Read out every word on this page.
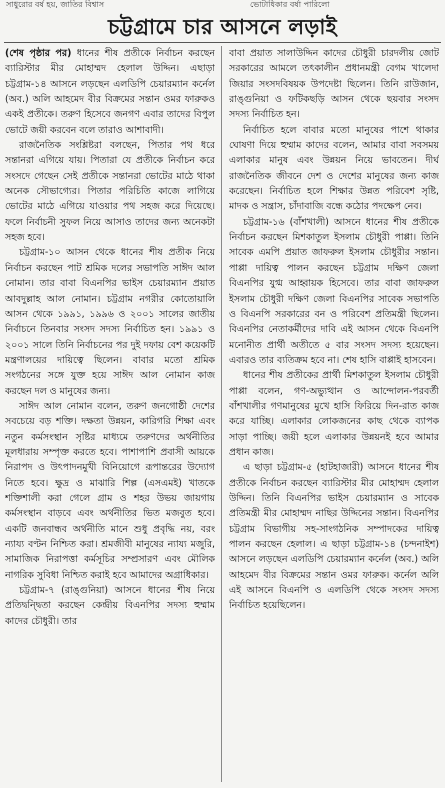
সাধুরোর বর্ষ হয়, জাতির বিশ্বাস	ভোটাধিকার বর্ষা পারিলো
চট্টগ্রামে চার আসনে লড়াই

(শেষ পৃষ্ঠার পর) ধানের শীষ প্রতীকে নির্বাচন করছেন ব্যারিস্টার মীর মোহাম্মদ হেলাল উদ্দিন। এছাড়া চট্টগ্রাম-১৪ আসনে লড়ছেন এলডিপি চেয়ারম্যান কর্নেল (অব.) অলি আহমেদ বীর বিক্রমের সন্তান ওমর ফারুকও একই প্রতীকে। তরুণ হিসেবে জনগণ এবার তাদের বিপুল ভোটে জয়ী করবেন বলে তারাও আশাবাদী।

রাজনৈতিক সংশ্লিষ্টরা বলছেন, পিতার পথ ধরে সন্তানরা এগিয়ে যায়। পিতারা যে প্রতীকে নির্বাচন করে সংসদে গেছেন সেই প্রতীকে সন্তানরা ভোটের মাঠে থাকা অনেক সৌভাগ্যের। পিতার পরিচিতি কাজে লাগিয়ে ভোটের মাঠে এগিয়ে যাওয়ার পথ সহজ করে দিয়েছে। ফলে নির্বাচনী সুফল নিয়ে আসাও তাদের জন্য অনেকটা সহজ হবে।

চট্টগ্রাম-১০ আসন থেকে ধানের শীষ প্রতীক নিয়ে নির্বাচন করছেন পাট শ্রমিক দলের সভাপতি সাঈদ আল নোমান। তার বাবা বিএনপির ভাইস চেয়ারম্যান প্রয়াত আবদুল্লাহ আল নোমান। চট্টগ্রাম নগরীর কোতোয়ালি আসন থেকে ১৯৯১, ১৯৯৬ ও ২০০১ সালের জাতীয় নির্বাচনে তিনবার সংসদ সদস্য নির্বাচিত হন। ১৯৯১ ও ২০০১ সালে তিনি নির্বাচনের পর দুই দফায় বেশ কয়েকটি মন্ত্রণালয়ের দায়িত্বে ছিলেন। বাবার মতো শ্রমিক সংগঠনের সঙ্গে যুক্ত হয়ে সাঈদ আল নোমান কাজ করছেন দল ও মানুষের জন্য।

সাঈদ আল নোমান বলেন, তরুণ জনগোষ্ঠী দেশের সবচেয়ে বড় শক্তি। দক্ষতা উন্নয়ন, কারিগরি শিক্ষা এবং নতুন কর্মসংস্থান সৃষ্টির মাধ্যমে তরুণদের অর্থনীতির মূলধারায় সম্পৃক্ত করতে হবে। পাশাপাশি প্রবাসী আয়কে নিরাপদ ও উৎপাদনমুখী বিনিয়োগে রূপান্তরের উদ্যোগ নিতে হবে। ক্ষুদ্র ও মাঝারি শিল্প (এসএমই) খাতকে শক্তিশালী করা গেলে গ্রাম ও শহর উভয় জায়গায় কর্মসংস্থান বাড়বে এবং অর্থনীতির ভিত মজবুত হবে। একটি জনবান্ধব অর্থনীতি মানে শুধু প্রবৃদ্ধি নয়, বরং ন্যায্য বণ্টন নিশ্চিত করা। শ্রমজীবী মানুষের ন্যায্য মজুরি, সামাজিক নিরাপত্তা কর্মসূচির সম্প্রসারণ এবং মৌলিক নাগরিক সুবিধা নিশ্চিত করাই হবে আমাদের অগ্রাধিকার।

চট্টগ্রাম-৭ (রাঙ্গুনিয়া) আসনে ধানের শীষ নিয়ে প্রতিদ্বন্দ্বিতা করছেন কেন্দ্রীয় বিএনপির সদস্য হুম্মাম কাদের চৌধুরী। তার

বাবা প্রয়াত সালাউদ্দিন কাদের চৌধুরী চারদলীয় জোট সরকারের আমলে তৎকালীন প্রধানমন্ত্রী বেগম খালেদা জিয়ার সংসদবিষয়ক উপদেষ্টা ছিলেন। তিনি রাউজান, রাঙ্গুনিয়া ও ফটিকছড়ি আসন থেকে ছয়বার সংসদ সদস্য নির্বাচিত হন।

নির্বাচিত হলে বাবার মতো মানুষের পাশে থাকার ঘোষণা দিয়ে হুম্মাম কাদের বলেন, আমার বাবা সবসময় এলাকার মানুষ এবং উন্নয়ন নিয়ে ভাবতেন। দীর্ঘ রাজনৈতিক জীবনে দেশ ও দেশের মানুষের জন্য কাজ করেছেন। নির্বাচিত হলে শিক্ষার উন্নত পরিবেশ সৃষ্টি, মাদক ও সন্ত্রাস, চাঁদাবাজি বন্ধে কঠোর পদক্ষেপ নেব।

চট্টগ্রাম-১৬ (বাঁশখালী) আসনে ধানের শীষ প্রতীকে নির্বাচন করছেন মিশকাতুল ইসলাম চৌধুরী পাপ্পা। তিনি সাবেক এমপি প্রয়াত জাফরুল ইসলাম চৌধুরীর সন্তান। পাপ্পা দায়িত্ব পালন করছেন চট্টগ্রাম দক্ষিণ জেলা বিএনপির যুগ্ম আহ্বায়ক হিসেবে। তার বাবা জাফরুল ইসলাম চৌধুরী দক্ষিণ জেলা বিএনপির সাবেক সভাপতি ও বিএনপি সরকারের বন ও পরিবেশ প্রতিমন্ত্রী ছিলেন। বিএনপির নেতাকর্মীদের দাবি এই আসন থেকে বিএনপি মনোনীত প্রার্থী অতীতে ৫ বার সংসদ সদস্য হয়েছেন। এবারও তার ব্যতিক্রম হবে না। শেষ হাসি বাপ্পাই হাসবেন।

ধানের শীষ প্রতীকের প্রার্থী মিশকাতুল ইসলাম চৌধুরী পাপ্পা বলেন, গণ-অভ্যুত্থান ও আন্দোলন-পরবর্তী বাঁশখালীর গণমানুষের মুখে হাসি ফিরিয়ে দিন-রাত কাজ করে যাচ্ছি। এলাকার লোকজনের কাছ থেকে ব্যাপক সাড়া পাচ্ছি। জয়ী হলে এলাকার উন্নয়নই হবে আমার প্রধান কাজ।

এ ছাড়া চট্টগ্রাম-৫ (হাটহাজারী) আসনে ধানের শীষ প্রতীকে নির্বাচন করছেন ব্যারিস্টার মীর মোহাম্মদ হেলাল উদ্দিন। তিনি বিএনপির ভাইস চেয়ারম্যান ও সাবেক প্রতিমন্ত্রী মীর মোহাম্মদ নাছির উদ্দিনের সন্তান। বিএনপির চট্টগ্রাম বিভাগীয় সহ-সাংগঠনিক সম্পাদকের দায়িত্ব পালন করছেন হেলাল। এ ছাড়া চট্টগ্রাম-১৪ (চন্দনাইশ) আসনে লড়ছেন এলডিপি চেয়ারম্যান কর্নেল (অব.) অলি আহমেদ বীর বিক্রমের সন্তান ওমর ফারুক। কর্নেল অলি এই আসনে বিএনপি ও এলডিপি থেকে সংসদ সদস্য নির্বাচিত হয়েছিলেন।
